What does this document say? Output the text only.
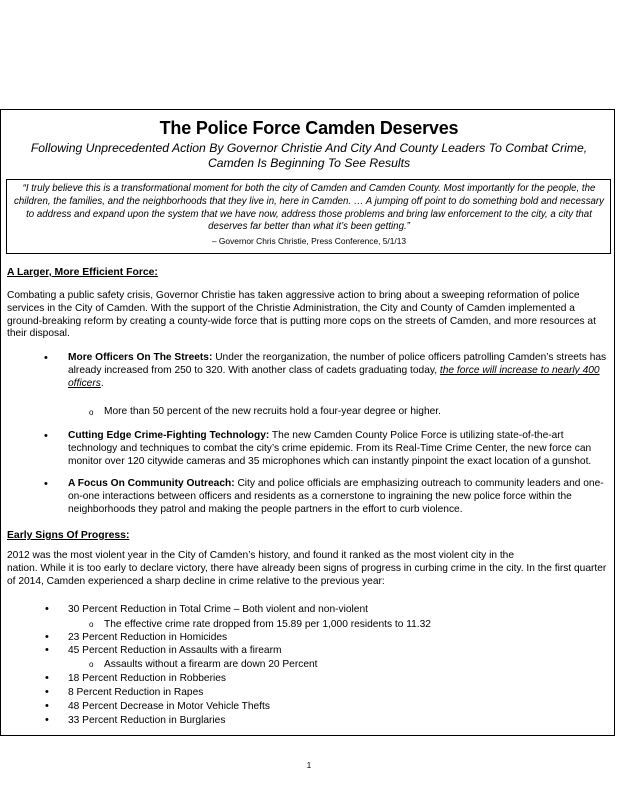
The Police Force Camden Deserves
Following Unprecedented Action By Governor Christie And City And County Leaders To Combat Crime, Camden Is Beginning To See Results
“I truly believe this is a transformational moment for both the city of Camden and Camden County. Most importantly for the people, the children, the families, and the neighborhoods that they live in, here in Camden. … A jumping off point to do something bold and necessary to address and expand upon the system that we have now, address those problems and bring law enforcement to the city, a city that deserves far better than what it’s been getting.”
– Governor Chris Christie, Press Conference, 5/1/13
A Larger, More Efficient Force:
Combating a public safety crisis, Governor Christie has taken aggressive action to bring about a sweeping reformation of police services in the City of Camden. With the support of the Christie Administration, the City and County of Camden implemented a ground-breaking reform by creating a county-wide force that is putting more cops on the streets of Camden, and more resources at their disposal.
• More Officers On The Streets: Under the reorganization, the number of police officers patrolling Camden’s streets has already increased from 250 to 320. With another class of cadets graduating today, the force will increase to nearly 400 officers.
o More than 50 percent of the new recruits hold a four-year degree or higher.
• Cutting Edge Crime-Fighting Technology: The new Camden County Police Force is utilizing state-of-the-art technology and techniques to combat the city’s crime epidemic. From its Real-Time Crime Center, the new force can monitor over 120 citywide cameras and 35 microphones which can instantly pinpoint the exact location of a gunshot.
• A Focus On Community Outreach: City and police officials are emphasizing outreach to community leaders and one-on-one interactions between officers and residents as a cornerstone to ingraining the new police force within the neighborhoods they patrol and making the people partners in the effort to curb violence.
Early Signs Of Progress:
2012 was the most violent year in the City of Camden’s history, and found it ranked as the most violent city in the
nation. While it is too early to declare victory, there have already been signs of progress in curbing crime in the city. In the first quarter of 2014, Camden experienced a sharp decline in crime relative to the previous year:
• 30 Percent Reduction in Total Crime – Both violent and non-violent
o The effective crime rate dropped from 15.89 per 1,000 residents to 11.32
• 23 Percent Reduction in Homicides
• 45 Percent Reduction in Assaults with a firearm
o Assaults without a firearm are down 20 Percent
• 18 Percent Reduction in Robberies
• 8 Percent Reduction in Rapes
• 48 Percent Decrease in Motor Vehicle Thefts
• 33 Percent Reduction in Burglaries
1
